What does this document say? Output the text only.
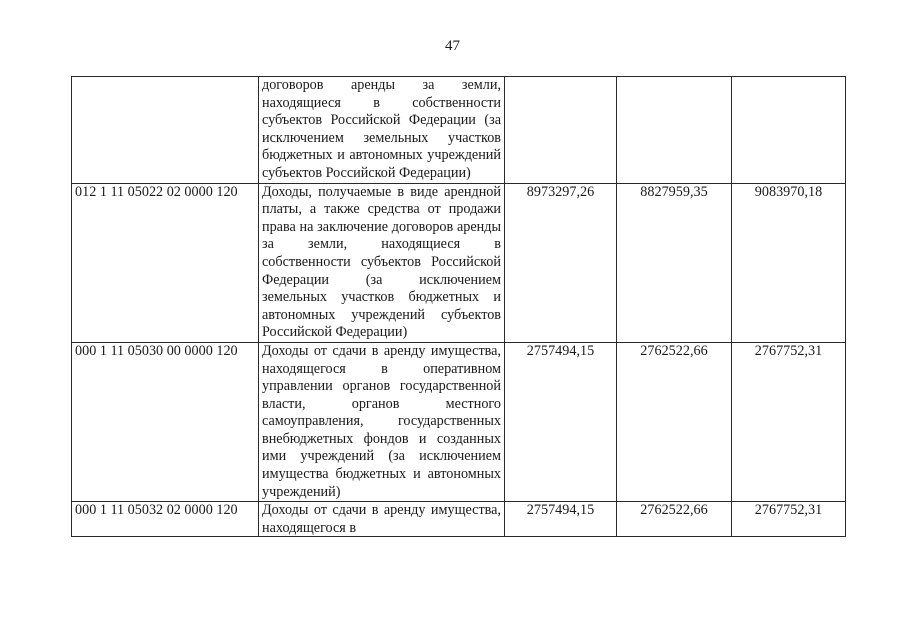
47
	договоров аренды за земли, находящиеся в собственности субъектов Российской Федерации (за исключением земельных участков бюджетных и автономных учреждений субъектов Российской Федерации)			
012 1 11 05022 02 0000 120	Доходы, получаемые в виде арендной платы, а также средства от продажи права на заключение договоров аренды за земли, находящиеся в собственности субъектов Российской Федерации (за исключением земельных участков бюджетных и автономных учреждений субъектов Российской Федерации)	8973297,26	8827959,35	9083970,18
000 1 11 05030 00 0000 120	Доходы от сдачи в аренду имущества, находящегося в оперативном управлении органов государственной власти, органов местного самоуправления, государственных внебюджетных фондов и созданных ими учреждений (за исключением имущества бюджетных и автономных учреждений)	2757494,15	2762522,66	2767752,31
000 1 11 05032 02 0000 120	Доходы от сдачи в аренду имущества, находящегося в	2757494,15	2762522,66	2767752,31
